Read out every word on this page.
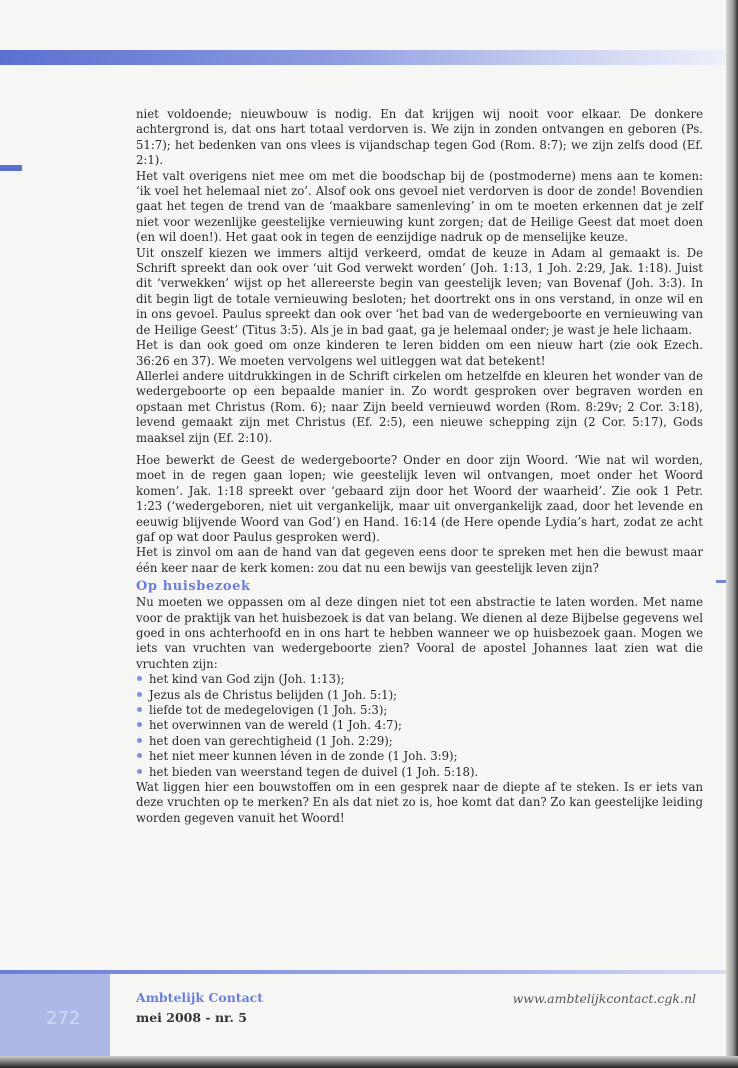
niet voldoende; nieuwbouw is nodig. En dat krijgen wij nooit voor elkaar. De donkere achtergrond is, dat ons hart totaal verdorven is. We zijn in zonden ontvangen en geboren (Ps. 51:7); het bedenken van ons vlees is vijandschap tegen God (Rom. 8:7); we zijn zelfs dood (Ef. 2:1).

Het valt overigens niet mee om met die boodschap bij de (postmoderne) mens aan te komen: ‘ik voel het helemaal niet zo’. Alsof ook ons gevoel niet verdorven is door de zonde! Bovendien gaat het tegen de trend van de ‘maakbare samenleving’ in om te moeten erkennen dat je zelf niet voor wezenlijke geestelijke vernieuwing kunt zorgen; dat de Heilige Geest dat moet doen (en wil doen!). Het gaat ook in tegen de eenzijdige nadruk op de menselijke keuze.

Uit onszelf kiezen we immers altijd verkeerd, omdat de keuze in Adam al gemaakt is. De Schrift spreekt dan ook over ‘uit God verwekt worden’ (Joh. 1:13, 1 Joh. 2:29, Jak. 1:18). Juist dit ‘verwekken’ wijst op het allereerste begin van geestelijk leven; van Bovenaf (Joh. 3:3). In dit begin ligt de totale vernieuwing besloten; het doortrekt ons in ons verstand, in onze wil en in ons gevoel. Paulus spreekt dan ook over ‘het bad van de wedergeboorte en vernieuwing van de Heilige Geest’ (Titus 3:5). Als je in bad gaat, ga je helemaal onder; je wast je hele lichaam.

Het is dan ook goed om onze kinderen te leren bidden om een nieuw hart (zie ook Ezech. 36:26 en 37). We moeten vervolgens wel uitleggen wat dat betekent!

Allerlei andere uitdrukkingen in de Schrift cirkelen om hetzelfde en kleuren het wonder van de wedergeboorte op een bepaalde manier in. Zo wordt gesproken over begraven worden en opstaan met Christus (Rom. 6); naar Zijn beeld vernieuwd worden (Rom. 8:29v; 2 Cor. 3:18), levend gemaakt zijn met Christus (Ef. 2:5), een nieuwe schepping zijn (2 Cor. 5:17), Gods maaksel zijn (Ef. 2:10).

Hoe bewerkt de Geest de wedergeboorte? Onder en door zijn Woord. ‘Wie nat wil worden, moet in de regen gaan lopen; wie geestelijk leven wil ontvangen, moet onder het Woord komen’. Jak. 1:18 spreekt over ‘gebaard zijn door het Woord der waarheid’. Zie ook 1 Petr. 1:23 (‘wedergeboren, niet uit vergankelijk, maar uit onvergankelijk zaad, door het levende en eeuwig blijvende Woord van God’) en Hand. 16:14 (de Here opende Lydia’s hart, zodat ze acht gaf op wat door Paulus gesproken werd).

Het is zinvol om aan de hand van dat gegeven eens door te spreken met hen die bewust maar één keer naar de kerk komen: zou dat nu een bewijs van geestelijk leven zijn?

Op huisbezoek

Nu moeten we oppassen om al deze dingen niet tot een abstractie te laten worden. Met name voor de praktijk van het huisbezoek is dat van belang. We dienen al deze Bijbelse gegevens wel goed in ons achterhoofd en in ons hart te hebben wanneer we op huisbezoek gaan. Mogen we iets van vruchten van wedergeboorte zien? Vooral de apostel Johannes laat zien wat die vruchten zijn:

het kind van God zijn (Joh. 1:13);
Jezus als de Christus belijden (1 Joh. 5:1);
liefde tot de medegelovigen (1 Joh. 5:3);
het overwinnen van de wereld (1 Joh. 4:7);
het doen van gerechtigheid (1 Joh. 2:29);
het niet meer kunnen léven in de zonde (1 Joh. 3:9);
het bieden van weerstand tegen de duivel (1 Joh. 5:18).

Wat liggen hier een bouwstoffen om in een gesprek naar de diepte af te steken. Is er iets van deze vruchten op te merken? En als dat niet zo is, hoe komt dat dan? Zo kan geestelijke leiding worden gegeven vanuit het Woord!

272
Ambtelijk Contact
mei 2008 - nr. 5
www.ambtelijkcontact.cgk.nl
